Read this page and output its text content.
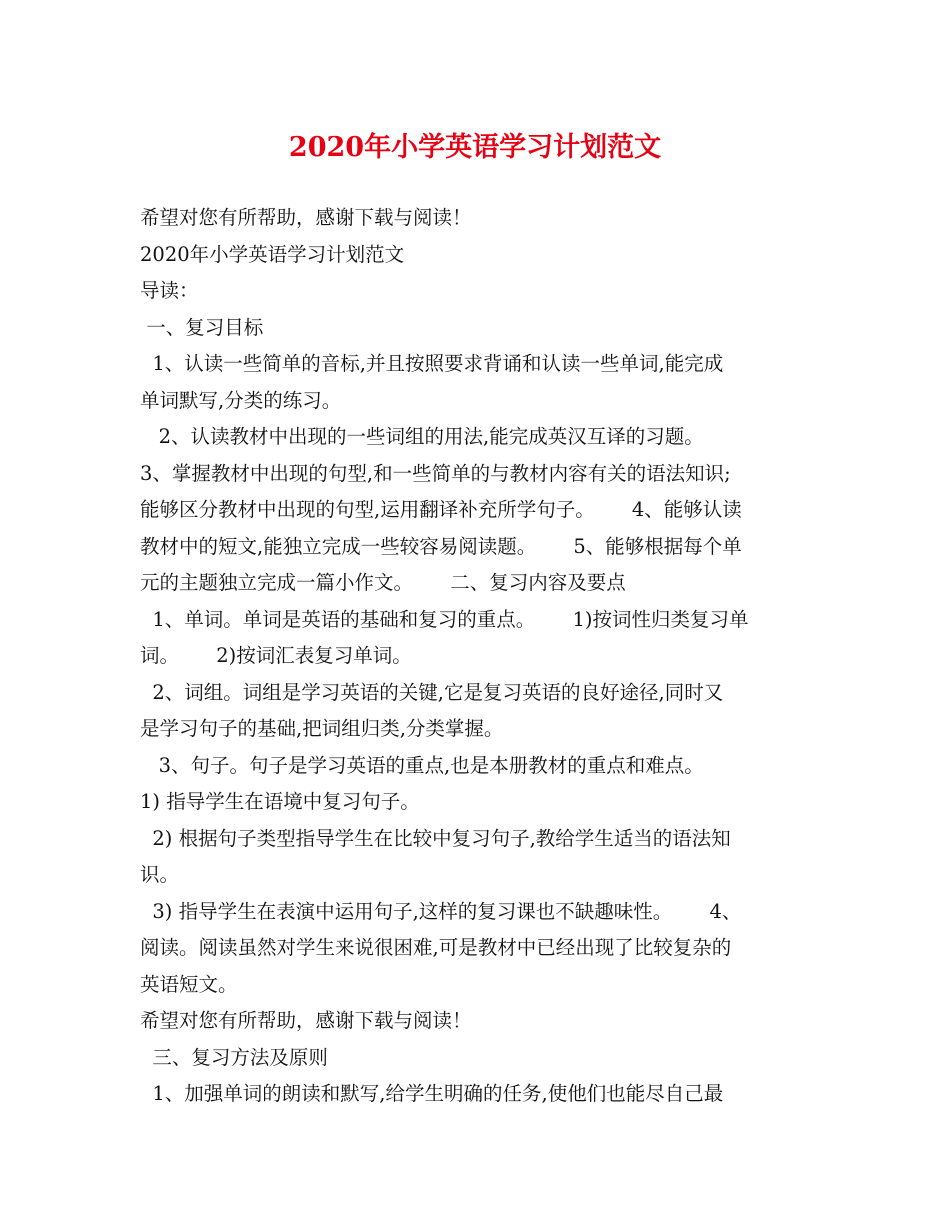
2020年小学英语学习计划范文
希望对您有所帮助，感谢下载与阅读！
2020年小学英语学习计划范文
导读：
一、复习目标
1、认读一些简单的音标,并且按照要求背诵和认读一些单词,能完成
单词默写,分类的练习。
2、认读教材中出现的一些词组的用法,能完成英汉互译的习题。
3、掌握教材中出现的句型,和一些简单的与教材内容有关的语法知识;
能够区分教材中出现的句型,运用翻译补充所学句子。      4、能够认读
教材中的短文,能独立完成一些较容易阅读题。      5、能够根据每个单
元的主题独立完成一篇小作文。      二、复习内容及要点
1、单词。单词是英语的基础和复习的重点。      1)按词性归类复习单
词。      2)按词汇表复习单词。
2、词组。词组是学习英语的关键,它是复习英语的良好途径,同时又
是学习句子的基础,把词组归类,分类掌握。
3、句子。句子是学习英语的重点,也是本册教材的重点和难点。
1) 指导学生在语境中复习句子。
2) 根据句子类型指导学生在比较中复习句子,教给学生适当的语法知
识。
3) 指导学生在表演中运用句子,这样的复习课也不缺趣味性。      4、
阅读。阅读虽然对学生来说很困难,可是教材中已经出现了比较复杂的
英语短文。
希望对您有所帮助，感谢下载与阅读！
三、复习方法及原则
1、加强单词的朗读和默写,给学生明确的任务,使他们也能尽自己最
